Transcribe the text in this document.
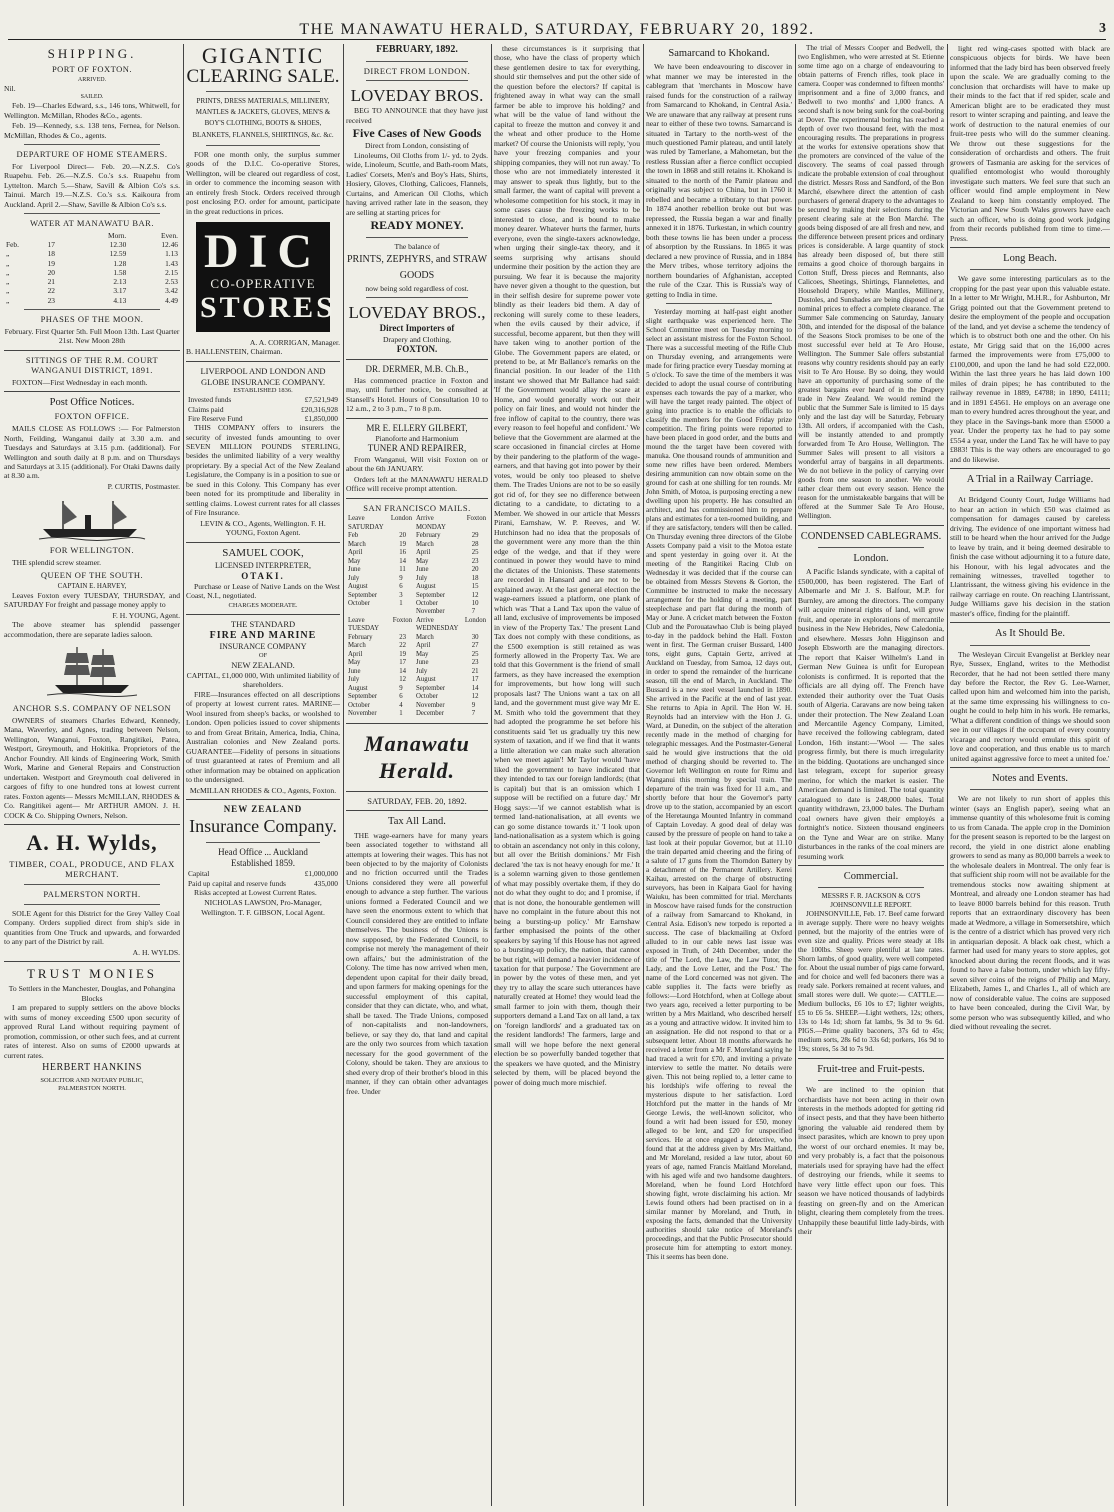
THE MANAWATU HERALD, SATURDAY, FEBRUARY 20, 1892.	3
SHIPPING.
PORT OF FOXTON.
ARRIVED.
Nil.
SAILED.
Feb. 19—Charles Edward, s.s., 146 tons, Whitwell, for Wellington. McMillan, Rhodes &Co., agents.
Feb. 19—Kennedy, s.s. 138 tens, Fernea, for Nelson. McMillan, Rhodes & Co., agents.
DEPARTURE OF HOME STEAMERS.
For Liverpool Direct— Feb. 20.—N.Z.S. Co's Ruapehu. Feb. 26.—N.Z.S. Co.'s s.s. Ruapehu from Lyttelton. March 5.—Shaw, Savill & Albion Co's s.s. Tainui. March 19.—N.Z.S. Co.'s s.s. Kaikoura from Auckland. April 2.—Shaw, Saville & Albion Co's s.s.
WATER AT MANAWATU BAR.
		Morn.	Even.
Feb.	17	12.30	12.46
„	18	12.59	1.13
„	19	1.28	1.43
„	20	1.58	2.15
„	21	2.13	2.53
„	22	3.17	3.42
„	23	4.13	4.49
PHASES OF THE MOON.
February. First Quarter 5th. Full Moon 13th. Last Quarter 21st. New Moon 28th
SITTINGS OF THE R.M. COURT WANGANUI DISTRICT, 1891.
FOXTON—First Wednesday in each month.
Post Office Notices.
FOXTON OFFICE.
MAILS CLOSE AS FOLLOWS :— For Palmerston North, Feilding, Wanganui daily at 3.30 a.m. and Tuesdays and Saturdays at 3.15 p.m. (additional). For Wellington and south daily at 8 p.m. and on Thursdays and Saturdays at 3.15 (additional). For Otaki Dawns daily at 8.30 a.m.
P. CURTIS, Postmaster.
FOR WELLINGTON.
THE splendid screw steamer.
QUEEN OF THE SOUTH.
CAPTAIN E. HARVEY,
Leaves Foxton every TUESDAY, THURSDAY, and SATURDAY For freight and passage money apply to
F. H. YOUNG, Agent.
The above steamer has splendid passenger accommodation, there are separate ladies saloon.
ANCHOR S.S. COMPANY OF NELSON
OWNERS of steamers Charles Edward, Kennedy, Mana, Waverley, and Agnes, trading between Nelson, Wellington, Wanganui, Foxton, Rangitikei, Patea, Westport, Greymouth, and Hokitika. Proprietors of the Anchor Foundry. All kinds of Engineering Work, Smith Work, Marine and General Repairs and Construction undertaken. Westport and Greymouth coal delivered in cargoes of fifty to one hundred tons at lowest current rates. Foxton agents— Messrs McMILLAN, RHODES & Co. Rangitikei agent— Mr ARTHUR AMON. J. H. COCK & Co. Shipping Owners, Nelson.
A. H. Wylds,
TIMBER, COAL, PRODUCE, AND FLAX MERCHANT.
PALMERSTON NORTH.
SOLE Agent for this District for the Grey Valley Coal Company. Orders supplied direct from ship's side in quantities from One Truck and upwards, and forwarded to any part of the District by rail.
A. H. WYLDS.
TRUST MONIES
To Settlers in the Manchester, Douglas, and Pohangina Blocks
I am prepared to supply settlers on the above blocks with sums of money exceeding £500 upon security of approved Rural Land without requiring payment of promotion, commission, or other such fees, and at current rates of interest. Also on sums of £2000 upwards at current rates.
HERBERT HANKINS
SOLICITOR AND NOTARY PUBLIC,
PALMERSTON NORTH.
GIGANTIC
CLEARING SALE.
PRINTS, DRESS MATERIALS, MILLINERY, MANTLES & JACKETS, GLOVES, MEN'S & BOY'S CLOTHING, BOOTS & SHOES, BLANKETS, FLANNELS, SHIRTINGS, &c. &c.
FOR one month only, the surplus summer goods of the D.I.C. Co-operative Stores, Wellington, will be cleared out regardless of cost, in order to commence the incoming season with an entirely fresh Stock. Orders received through post enclosing P.O. order for amount, participate in the great reductions in prices.
DIC
CO-OPERATIVE
STORES
A. A. CORRIGAN, Manager.
B. HALLENSTEIN, Chairman.
LIVERPOOL AND LONDON AND GLOBE INSURANCE COMPANY.
ESTABLISHED 1836.
Invested funds	£7,521,949
Claims paid	£20,316,928
Fire Reserve Fund	£1,850,000
THIS COMPANY offers to insurers the security of invested funds amounting to over SEVEN MILLION POUNDS STERLING, besides the unlimited liability of a very wealthy proprietary. By a special Act of the New Zealand Legislature, the Company is in a position to sue or be sued in this Colony. This Company has ever been noted for its promptitude and liberality in settling claims. Lowest current rates for all classes of Fire Insurance.
LEVIN & CO., Agents, Wellington. F. H. YOUNG, Foxton Agent.
SAMUEL COOK,
LICENSED INTERPRETER,
OTAKI.
Purchase or Lease of Native Lands on the West Coast, N.I., negotiated.
CHARGES MODERATE.
THE STANDARD
FIRE AND MARINE
INSURANCE COMPANY
OF
NEW ZEALAND.
CAPITAL, £1,000 000, With unlimited liability of shareholders.
FIRE—Insurances effected on all descriptions of property at lowest current rates. MARINE—Wool insured from sheep's backs, or woolshed to London. Open policies issued to cover shipments to and from Great Britain, America, India, China, Australian colonies and New Zealand ports. GUARANTEE—Fidelity of persons in situations of trust guaranteed at rates of Premium and all other information may be obtained on application to the undersigned.
McMILLAN RHODES & CO., Agents, Foxton.
NEW ZEALAND
Insurance Company.
Head Office ... Auckland
Established 1859.
Capital	£1,000,000
Paid up capital and reserve funds	435,000
Risks accepted at Lowest Current Rates.
NICHOLAS LAWSON, Pro-Manager, Wellington. T. F. GIBSON, Local Agent.
FEBRUARY, 1892.
DIRECT FROM LONDON.
LOVEDAY BROS.
BEG TO ANNOUNCE that they have just received
Five Cases of New Goods
Direct from London, consisting of
Linoleums, Oil Cloths from 1/- yd. to 2yds. wide, Linoleum, Scuttle, and Bath-room Mats, Ladies' Corsets, Men's and Boy's Hats, Shirts, Hosiery, Gloves, Clothing, Calicoes, Flannels, Curtains, and American Oil Cloths, which having arrived rather late in the season, they are selling at starting prices for
READY MONEY.
The balance of
PRINTS, ZEPHYRS, and STRAW GOODS
now being sold regardless of cost.
LOVEDAY BROS.,
Direct Importers of
Drapery and Clothing,
FOXTON.
DR. DERMER, M.B. Ch.B.,
Has commenced practice in Foxton and may, until further notice, be consulted at Stansell's Hotel. Hours of Consultation 10 to 12 a.m., 2 to 3 p.m., 7 to 8 p.m.
MR E. ELLERY GILBERT,
Pianoforte and Harmonium
TUNER AND REPAIRER,
From Wanganui, Will visit Foxton on or about the 6th JANUARY.
Orders left at the MANAWATU HERALD Office will receive prompt attention.
SAN FRANCISCO MAILS.
Leave London SATURDAY		Arrive Foxton MONDAY	
Feb	20	February	29
March	19	March	28
April	16	April	25
May	14	May	23
June	11	June	20
July	9	July	18
August	6	August	15
September	3	September	12
October	1	October	10
		November	7
Leave Foxton TUESDAY		Arrive London WEDNESDAY	
February	23	March	30
March	22	April	27
April	19	May	25
May	17	June	23
June	14	July	21
July	12	August	17
August	9	September	14
September	6	October	12
October	4	November	9
November	1	December	7
Manawatu Herald.
SATURDAY, FEB. 20, 1892.
Tax All Land.
THE wage-earners have for many years been associated together to withstand all attempts at lowering their wages. This has not been objected to by the majority of Colonists and no friction occurred until the Trades Unions considered they were all powerful enough to advance a step further. The various unions formed a Federated Council and we have seen the enormous extent to which that Council considered they are entitled to inflate themselves. The business of the Unions is now supposed, by the Federated Council, to comprise not merely 'the management of their own affairs,' but the administration of the Colony. The time has now arrived when men, dependent upon capital for their daily bread, and upon farmers for making openings for the successful employment of this capital, consider that they can dictate, who, and what, shall be taxed. The Trade Unions, composed of non-capitalists and non-landowners, believe, or say they do, that land and capital are the only two sources from which taxation necessary for the good government of the Colony, should be taken. They are anxious to shed every drop of their brother's blood in this manner, if they can obtain other advantages free. Under
these circumstances is it surprising that those, who have the class of property which these gentlemen desire to tax for everything, should stir themselves and put the other side of the question before the electors? If capital is frightened away in what way can the small farmer be able to improve his holding? and what will be the value of land without the capital to freeze the mutton and convey it and the wheat and other produce to the Home market? Of course the Unionists will reply, 'you have your freezing companies and your shipping companies, they will not run away.' To those who are not immediately interested it may answer to speak thus lightly, but to the small farmer, the want of capital will prevent a wholesome competition for his stock, it may in some cases cause the freezing works to be interested to close, and is bound to make money dearer. Whatever hurts the farmer, hurts everyone, even the single-taxers acknowledge, when urging their single-tax theory, and it seems surprising why artisans should undermine their position by the action they are pursuing. We fear it is because the majority have never given a thought to the question, but in their selfish desire for supreme power vote blindly as their leaders bid them. A day of reckoning will surely come to these leaders, when the evils caused by their advice, if successful, become apparent, but then they will have taken wing to another portion of the Globe. The Government papers are elated, or pretend to be, at Mr Ballance's remarks on the financial position. In our leader of the 11th instant we showed that Mr Ballance had said: 'If the Government would allay the scare at Home, and would generally work out their policy on fair lines, and would not hinder the free inflow of capital to the country, there was every reason to feel hopeful and confident.' We believe that the Government are alarmed at the scare occasioned in financial circles at Home by their pandering to the platform of the wage-earners, and that having got into power by their votes, would be only too pleased to shelve them. The Trades Unions are not to be so easily got rid of, for they see no difference between dictating to a candidate, to dictating to a Member. We showed in our article that Messrs Pirani, Earnshaw, W. P. Reeves, and W. Hutchinson had no idea that the proposals of the government were any more than the thin edge of the wedge, and that if they were continued in power they would have to mind the dictates of the Unionists. These statements are recorded in Hansard and are not to be explained away. At the last general election the wage-earners issued a platform, one plank of which was 'That a Land Tax upon the value of all land, exclusive of improvements be imposed in view of the Property Tax.' The present Land Tax does not comply with these conditions, as the £500 exemption is still retained as was formerly allowed in the Property Tax. We are told that this Government is the friend of small farmers, as they have increased the exemption for improvements, but how long will such proposals last? The Unions want a tax on all land, and the government must give way Mr E. M. Smith who told the government that they had adopted the programme he set before his constituents said 'let us gradually try this new system of taxation, and if we find that it wants a little alteration we can make such alteration when we meet again'! Mr Taylor would 'have liked the government to have indicated that they intended to tax our foreign landlords; (that is capital) but that is an omission which I suppose will be rectified on a future day.' Mr Hogg says:—'if we cannot establish what is termed land-nationalisation, at all events we can go some distance towards it.' 'I look upon land-nationalisation as a system which is going to obtain an ascendancy not only in this colony, but all over the British dominions.' Mr Fish declared 'the tax is not heavy enough for me.' It is a solemn warning given to those gentlemen of what may possibly overtake them, if they do not do what they ought to do; and I promise, if that is not done, the honourable gentlemen will have no complaint in the future about this not being a bursting-up policy.' Mr Earnshaw farther emphasised the points of the other speakers by saying 'if this House has not agreed to a bursting-up policy, the nation, that cannot be but right, will demand a heavier incidence of taxation for that purpose.' The Government are in power by the votes of these men, and yet they try to allay the scare such utterances have naturally created at Home! they would lead the small farmer to join with them, though their supporters demand a Land Tax on all land, a tax on 'foreign landlords' and a graduated tax on the resident landlords! The farmers, large and small will we hope before the next general election be so powerfully banded together that the speakers we have quoted, and the Ministry selected by them, will be placed beyond the power of doing much more mischief.
Samarcand to Khokand.
We have been endeavouring to discover in what manner we may be interested in the cablegram that 'merchants in Moscow have raised funds for the construction of a railway from Samarcand to Khokand, in Central Asia.' We are unaware that any railway at present runs near to either of these two towns. Samarcand is situated in Tartary to the north-west of the much questioned Pamir plateau, and until lately was ruled by Tamerlane, a Mahometan, but the restless Russian after a fierce conflict occupied the town in 1868 and still retains it. Khokand is situated to the north of the Pamir plateau and originally was subject to China, but in 1760 it rebelled and became a tributary to that power. In 1874 another rebellion broke out but was repressed, the Russia began a war and finally annexed it in 1876. Turkestan, in which country both these towns lie has been under a process of absorption by the Russians. In 1865 it was declared a new province of Russia, and in 1884 the Merv tribes, whose territory adjoins the northern boundaries of Afghanistan, accepted the rule of the Czar. This is Russia's way of getting to India in time.
Yesterday morning at half-past eight another slight earthquake was experienced here. The School Committee meet on Tuesday morning to select an assistant mistress for the Foxton School. There was a successful meeting of the Rifle Club on Thursday evening, and arrangements were made for firing practice every Tuesday morning at 5 o'clock. To save the time of the members it was decided to adopt the usual course of contributing expenses each towards the pay of a marker, who will have the target ready painted. The object of going into practice is to enable the officials to classify the members for the Good Friday prize competition. The firing points were reported to have been placed in good order, and the butts and mound the the target have been covered with manuka. One thousand rounds of ammunition and some new rifles have been ordered. Members desiring ammunition can now obtain some on the ground for cash at one shilling for ten rounds. Mr John Smith, of Motoa, is purposing erecting a new dwelling upon his property. He has consulted an architect, and has commissioned him to prepare plans and estimates for a ten-roomed building, and if they are satisfactory, tenders will then be called. On Thursday evening three directors of the Globe Assets Company paid a visit to the Motoa estate and spent yesterday in going over it. At the meeting of the Rangitikei Racing Club on Wednesday it was decided that if the course can be obtained from Messrs Stevens & Gorton, the Committee be instructed to make the necessary arrangement for the holding of a meeting, part steeplechase and part flat during the month of May or June. A cricket match between the Foxton Club and the Porouatawhao Club is being played to-day in the paddock behind the Hall. Foxton went in first. The German cruiser Bussard, 1400 tons, eight guns, Captain Gertz, arrived at Auckland on Tuesday, from Samoa, 12 days out, in order to spend the remainder of the hurricane season, till the end of March, in Auckland. The Bussard is a new steel vessel launched in 1890. She arrived in the Pacific at the end of last year. She returns to Apia in April. The Hon W. H. Reynolds had an interview with the Hon J. G. Ward, at Dunedin, on the subject of the alteration recently made in the method of charging for telegraphic messages. And the Postmaster-General said he would give instructions that the old method of charging should be reverted to. The Governor left Wellington en route for Rimu and Wanganui this morning by special train. The departure of the train was fixed for 11 a.m., and shortly before that hour the Governor's party drove up to the station, accompanied by an escort of the Heretaunga Mounted Infantry in command of Captain Loveday. A good deal of delay was caused by the pressure of people on hand to take a last look at their popular Governor, but at 11.10 the train departed amid cheering and the firing of a salute of 17 guns from the Thorndon Battery by a detachment of the Permanent Artillery. Kerei Kaihau, arrested on the charge of obstructing surveyors, has been in Kaipara Gaol for having Waiuku, has been committed for trial. Merchants in Moscow have raised funds for the construction of a railway from Samarcand to Khokand, in Central Asia. Edison's new torpedo is reported a success. The case of blackmailing at Oxford alluded to in our cable news last issue was exposed in Truth, of 24th December, under the title of 'The Lord, the Law, the Law Tutor, the Lady, and the Love Letter, and the Post.' The name of the Lord concerned was not given. The cable supplies it. The facts were briefly as follows:—Lord Hotchford, when at College about two years ago, received a letter purporting to be written by a Mrs Maitland, who described herself as a young and attractive widow. It invited him to an assignation. He did not respond to that or a subsequent letter. About 18 months afterwards he received a letter from a Mr F. Moreland saying he had traced a writ for £70, and inviting a private interview to settle the matter. No details were given. This not being replied to, a letter came to his lordship's wife offering to reveal the mysterious dispute to her satisfaction. Lord Hotchford put the matter in the hands of Mr George Lewis, the well-known solicitor, who found a writ had been issued for £50, money alleged to be lent, and £20 for unspecified services. He at once engaged a detective, who found that at the address given by Mrs Maitland, and Mr Moreland, resided a law tutor, about 60 years of age, named Francis Maitland Moreland, with his aged wife and two handsome daughters. Moreland, when he found Lord Hotchford showing fight, wrote disclaiming his action. Mr Lewis found others had been practised on in a similar manner by Moreland, and Truth, in exposing the facts, demanded that the University authorities should take notice of Moreland's proceedings, and that the Public Prosecutor should prosecute him for attempting to extort money. This it seems has been done.
The trial of Messrs Cooper and Bedwell, the two Englishmen, who were arrested at St. Etienne some time ago on a charge of endeavouring to obtain patterns of French rifles, took place in camera. Cooper was condemned to fifteen months' imprisonment and a fine of 3,000 francs, and Bedwell to two months' and 1,000 francs. A second shaft is now being sunk for the coal-boring at Dover. The experimental boring has reached a depth of over two thousand feet, with the most encouraging results. The preparations in progress at the works for extensive operations show that the promoters are convinced of the value of the discovery. The seams of coal passed through indicate the probable extension of coal throughout the district. Messrs Ross and Sandford, of the Bon Marché, elsewhere direct the attention of cash purchasers of general drapery to the advantages to be secured by making their selections during the present clearing sale at the Bon Marché. The goods being disposed of are all fresh and new, and the difference between present prices and ordinary prices is considerable. A large quantity of stock has already been disposed of, but there still remains a good choice of thorough bargains in Cotton Stuff, Dress pieces and Remnants, also Calicoes, Sheetings, Shirtings, Flannelettes, and Household Drapery, while Mantles, Millinery, Dustoles, and Sunshades are being disposed of at nominal prices to effect a complete clearance. The Summer Sale commencing on Saturday, January 30th, and intended for the disposal of the balance of the Seasons Stock promises to be one of the most successful ever held at Te Aro House, Wellington. The Summer Sale offers substantial reasons why country residents should pay an early visit to Te Aro House. By so doing, they would have an opportunity of purchasing some of the greatest bargains ever heard of in the Drapery trade in New Zealand. We would remind the public that the Summer Sale is limited to 15 days only and the last day will be Saturday, February 13th. All orders, if accompanied with the Cash, will be instantly attended to and promptly forwarded from Te Aro House, Wellington. The Summer Sales will present to all visitors a wonderful array of bargains in all departments. We do not believe in the policy of carrying over goods from one season to another. We would rather clear them out every season. Hence the reason for the unmistakeable bargains that will be offered at the Summer Sale Te Aro House, Wellington.
CONDENSED CABLEGRAMS.
London.
A Pacific Islands syndicate, with a capital of £500,000, has been registered. The Earl of Albemarle and Mr J. S. Balfour, M.P. for Burnley, are among the directors. The company will acquire mineral rights of land, will grow fruit, and operate in explorations of mercantile business in the New Hebrides, New Caledonia, and elsewhere. Messrs John Higginson and Joseph Ebsworth are the managing directors. The report that Kaiser Wilhelm's Land in German New Guinea is unfit for European colonists is confirmed. It is reported that the officials are all dying off. The French have extended their authority over the Tuat Oasis south of Algeria. Caravans are now being taken under their protection. The New Zealand Loan and Mercantile Agency Company, Limited, have received the following cablegram, dated London, 16th instant:—'Wool — The sales progress firmly, but there is much irregularity in the bidding. Quotations are unchanged since last telegram, except for superior greasy merino, for which the market is easier. The American demand is limited. The total quantity catalogued to date is 248,000 bales. Total quantity withdrawn, 23,000 bales. The Durham coal owners have given their employés a fortnight's notice. Sixteen thousand engineers on the Tyne and Wear are on strike. Many disturbances in the ranks of the coal miners are resuming work
Commercial.
MESSRS F. R. JACKSON & CO'S JOHNSONVILLE REPORT.
JOHNSONVILLE, Feb. 17. Beef came forward in average supply. There were no heavy weights penned, but the majority of the entries were of even size and quality. Prices were steady at 18s the 100lbs. Sheep were plentiful at late rates. Shorn lambs, of good quality, were well competed for. About the usual number of pigs came forward, and for choice and well fed baconers there was a ready sale. Porkers remained at recent values, and small stores were dull. We quote:— CATTLE.—Medium bullocks, £6 10s to £7; lighter weights, £5 to £6 5s. SHEEP.—Light wethers, 12s; others, 13s to 14s 1d; shorn fat lambs, 9s 3d to 9s 6d. PIGS.—Prime quality baconers, 37s 6d to 45s; medium sorts, 28s 6d to 33s 6d; porkers, 16s 9d to 19s; stores, 5s 3d to 7s 9d.
Fruit-tree and Fruit-pests.
We are inclined to the opinion that orchardists have not been acting in their own interests in the methods adopted for getting rid of insect pests, and that they have been hitherto ignoring the valuable aid rendered them by insect parasites, which are known to prey upon the worst of our orchard enemies. It may be, and very probably is, a fact that the poisonous materials used for spraying have had the effect of destroying our friends, while it seems to have very little effect upon our foes. This season we have noticed thousands of ladybirds feasting on green-fly and on the American blight, clearing them completely from the trees. Unhappily these beautiful little lady-birds, with their
light red wing-cases spotted with black are conspicuous objects for birds. We have been informed that the lady bird has been observed freely upon the scale. We are gradually coming to the conclusion that orchardists will have to make up their minds to the fact that if red spider, scale and American blight are to be eradicated they must resort to winter scraping and painting, and leave the work of destruction to the natural enemies of our fruit-tree pests who will do the summer cleaning. We throw out these suggestions for the consideration of orchardists and others. The fruit growers of Tasmania are asking for the services of qualified entomologist who would thoroughly investigate such matters. We feel sure that such an officer would find ample employment in New Zealand to keep him constantly employed. The Victorian and New South Wales growers have each such an officer, who is doing good work judging from their records published from time to time.—Press.
Long Beach.
We gave some interesting particulars as to the cropping for the past year upon this valuable estate. In a letter to Mr Wright, M.H.R., for Ashburton, Mr Grigg pointed out that the Government pretend to desire the employment of the people and occupation of the land, and yet devise a scheme the tendency of which is to obstruct both one and the other. On his estate, Mr Grigg said that on the 16,000 acres farmed the improvements were from £75,000 to £100,000, and upon the land he had sold £22,000. Within the last three years he has laid down 100 miles of drain pipes; he has contributed to the railway revenue in 1889, £4788; in 1890, £4111; and in 1891 £4561. He employs on an average one man to every hundred acres throughout the year, and they place in the Savings-bank more than £5000 a year. Under the property tax he had to pay some £554 a year, under the Land Tax he will have to pay £883! This is the way others are encouraged to go and do likewise.
A Trial in a Railway Carriage.
At Bridgend County Court, Judge Williams had to hear an action in which £50 was claimed as compensation for damages caused by careless driving. The evidence of one important witness had still to be heard when the hour arrived for the Judge to leave by train, and it being deemed desirable to finish the case without adjourning it to a future date, his Honour, with his legal advocates and the remaining witnesses, travelled together to Llantrissant, the witness giving his evidence in the railway carriage en route. On reaching Llantrissant, Judge Williams gave his decision in the station master's office, finding for the plaintiff.
As It Should Be.
The Wesleyan Circuit Evangelist at Berkley near Rye, Sussex, England, writes to the Methodist Recorder, that he had not been settled there many day before the Rector, the Rev G. Lee-Warner, called upon him and welcomed him into the parish, at the same time expressing his willingness to co-ought he could to help him in his work. He remarks, 'What a different condition of things we should soon see in our villages if the occupant of every country vicarage and rectory would emulate this spirit of love and cooperation, and thus enable us to march united against aggressive force to meet a united foe.'
Notes and Events.
We are not likely to run short of apples this winter (says an English paper), seeing what an immense quantity of this wholesome fruit is coming to us from Canada. The apple crop in the Dominion for the present season is reported to be the largest on record, the yield in one district alone enabling growers to send as many as 80,000 barrels a week to the wholesale dealers in Montreal. The only fear is that sufficient ship room will not be available for the tremendous stocks now awaiting shipment at Montreal, and already one London steamer has had to leave 8000 barrels behind for this reason. Truth reports that an extraordinary discovery has been made at Wedmore, a village in Somersetshire, which is the centre of a district which has proved very rich in antiquarian deposit. A black oak chest, which a farmer had used for many years to store apples, got knocked about during the recent floods, and it was found to have a false bottom, under which lay fifty-seven silver coins of the reigns of Philip and Mary, Elizabeth, James I., and Charles I., all of which are now of considerable value. The coins are supposed to have been concealed, during the Civil War, by some person who was subsequently killed, and who died without revealing the secret.
